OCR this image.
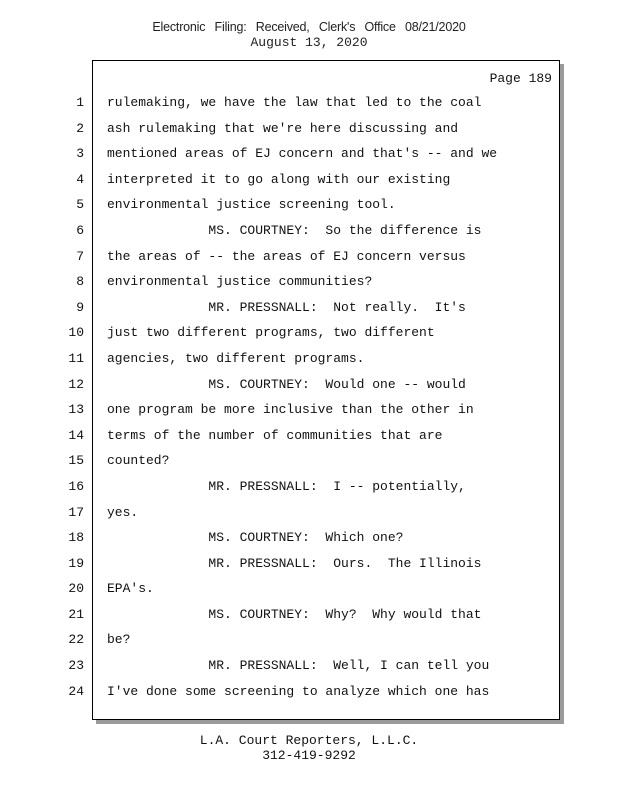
Electronic Filing: Received, Clerk's Office 08/21/2020
August 13, 2020
Page 189
1
2
3
4
5
6
7
8
9
10
11
12
13
14
15
16
17
18
19
20
21
22
23
24
rulemaking, we have the law that led to the coal
ash rulemaking that we're here discussing and
mentioned areas of EJ concern and that's -- and we
interpreted it to go along with our existing
environmental justice screening tool.
MS. COURTNEY:  So the difference is
the areas of -- the areas of EJ concern versus
environmental justice communities?
MR. PRESSNALL:  Not really.  It's
just two different programs, two different
agencies, two different programs.
MS. COURTNEY:  Would one -- would
one program be more inclusive than the other in
terms of the number of communities that are
counted?
MR. PRESSNALL:  I -- potentially,
yes.
MS. COURTNEY:  Which one?
MR. PRESSNALL:  Ours.  The Illinois
EPA's.
MS. COURTNEY:  Why?  Why would that
be?
MR. PRESSNALL:  Well, I can tell you
I've done some screening to analyze which one has
L.A. Court Reporters, L.L.C.
312-419-9292
